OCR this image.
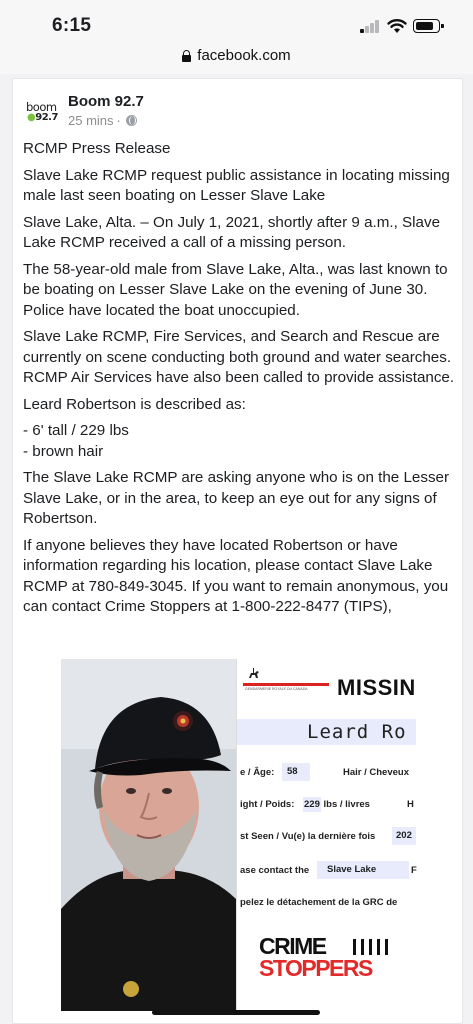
6:15
facebook.com
boom
●92.7
Boom 92.7
25 mins ·

RCMP Press Release

Slave Lake RCMP request public assistance in locating missing male last seen boating on Lesser Slave Lake

Slave Lake, Alta. – On July 1, 2021, shortly after 9 a.m., Slave Lake RCMP received a call of a missing person.

The 58-year-old male from Slave Lake, Alta., was last known to be boating on Lesser Slave Lake on the evening of June 30. Police have located the boat unoccupied.

Slave Lake RCMP, Fire Services, and Search and Rescue are currently on scene conducting both ground and water searches. RCMP Air Services have also been called to provide assistance.

Leard Robertson is described as:

- 6' tall / 229 lbs

- brown hair

The Slave Lake RCMP are asking anyone who is on the Lesser Slave Lake, or in the area, to keep an eye out for any signs of Robertson.

If anyone believes they have located Robertson or have information regarding his location, please contact Slave Lake RCMP at 780-849-3045. If you want to remain anonymous, you can contact Crime Stoppers at 1-800-222-8477 (TIPS),

GENDARMERIE ROYALE DU CANADA MISSIN
Leard Ro
e / Âge:	58	Hair / Cheveux
ight / Poids: 229 lbs / livres	H
st Seen / Vu(e) la dernière fois	202
ase contact the	Slave Lake	F
pelez le détachement de la GRC de
CRIME
STOPPERS
